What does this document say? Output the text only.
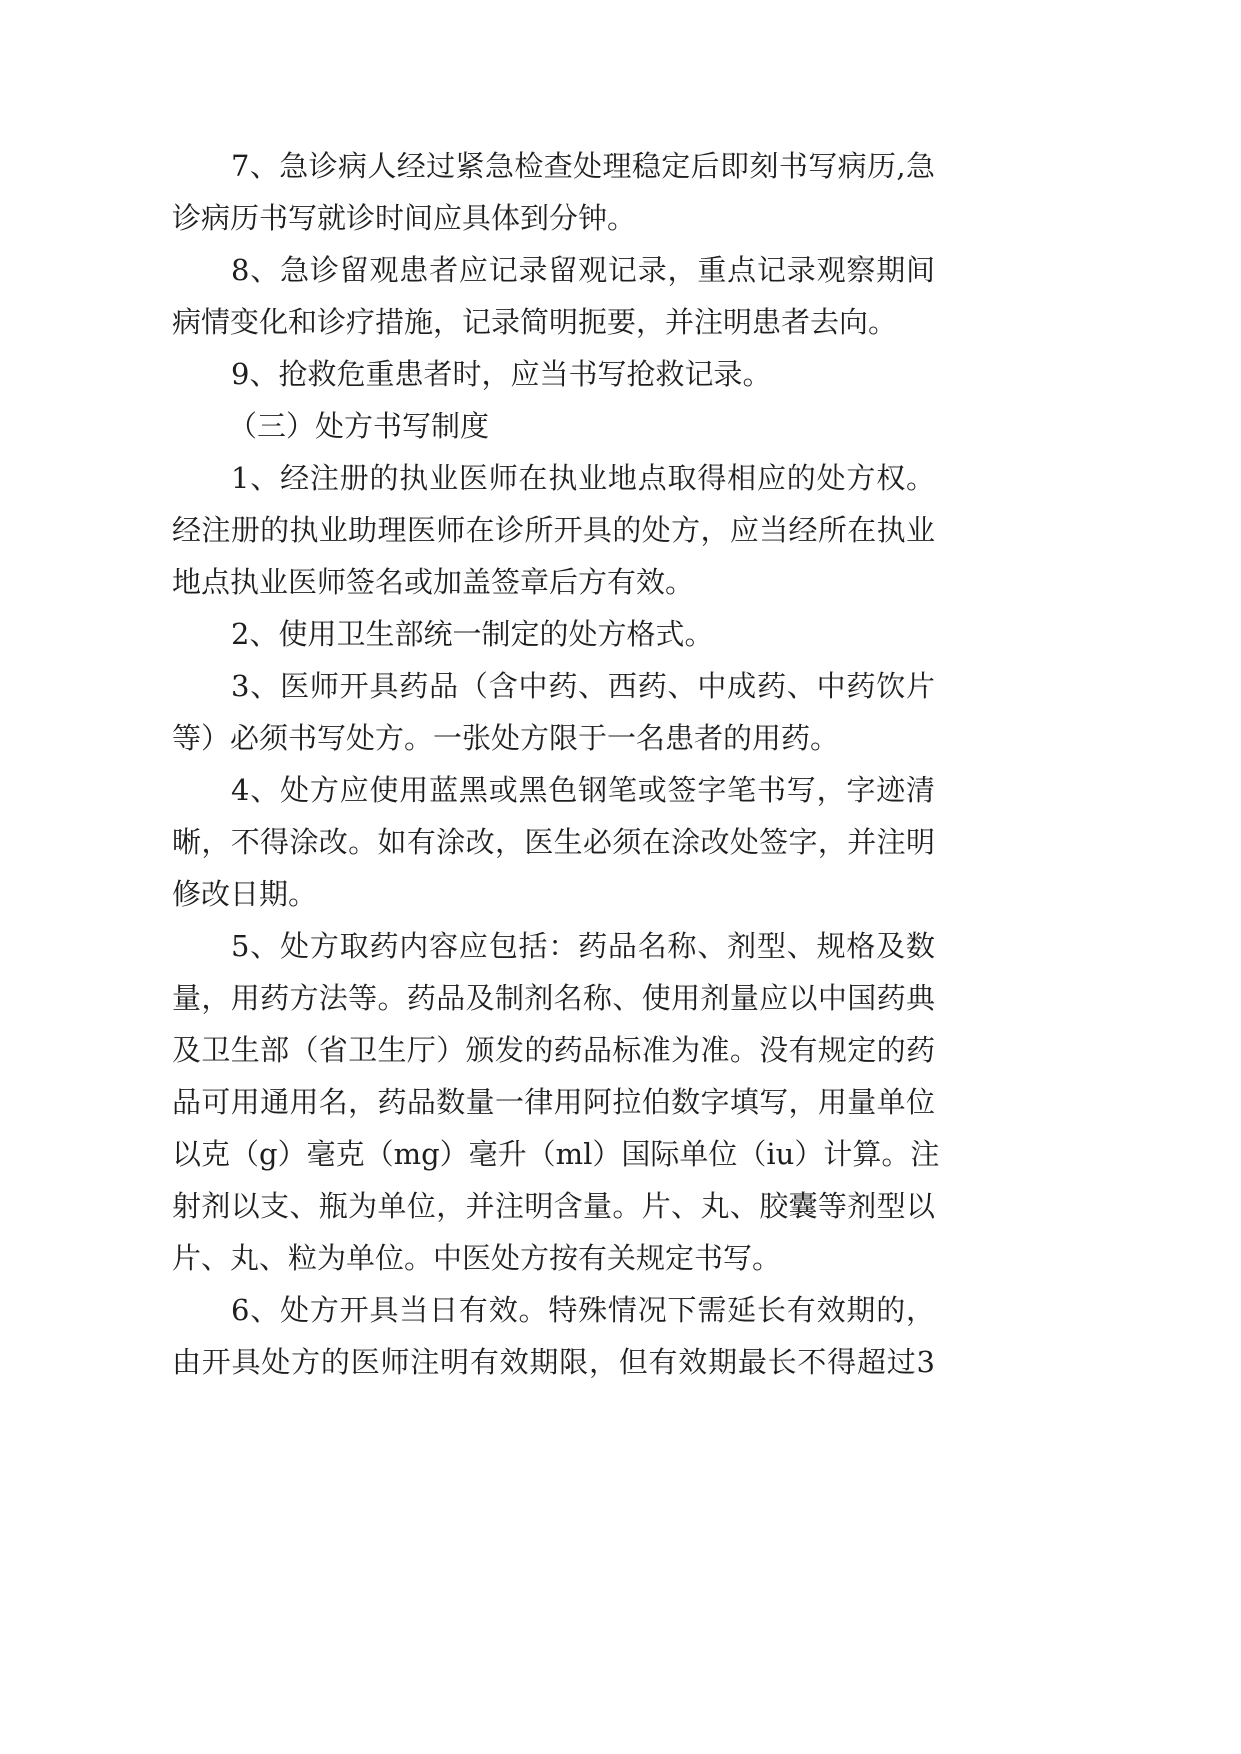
7、急诊病人经过紧急检查处理稳定后即刻书写病历,急
诊病历书写就诊时间应具体到分钟。
8、急诊留观患者应记录留观记录，重点记录观察期间
病情变化和诊疗措施，记录简明扼要，并注明患者去向。
9、抢救危重患者时，应当书写抢救记录。
（三）处方书写制度
1、经注册的执业医师在执业地点取得相应的处方权。
经注册的执业助理医师在诊所开具的处方，应当经所在执业
地点执业医师签名或加盖签章后方有效。
2、使用卫生部统一制定的处方格式。
3、医师开具药品（含中药、西药、中成药、中药饮片
等）必须书写处方。一张处方限于一名患者的用药。
4、处方应使用蓝黑或黑色钢笔或签字笔书写，字迹清
晰，不得涂改。如有涂改，医生必须在涂改处签字，并注明
修改日期。
5、处方取药内容应包括：药品名称、剂型、规格及数
量，用药方法等。药品及制剂名称、使用剂量应以中国药典
及卫生部（省卫生厅）颁发的药品标准为准。没有规定的药
品可用通用名，药品数量一律用阿拉伯数字填写，用量单位
以克（g）毫克（mg）毫升（ml）国际单位（iu）计算。注
射剂以支、瓶为单位，并注明含量。片、丸、胶囊等剂型以
片、丸、粒为单位。中医处方按有关规定书写。
6、处方开具当日有效。特殊情况下需延长有效期的，
由开具处方的医师注明有效期限，但有效期最长不得超过3
